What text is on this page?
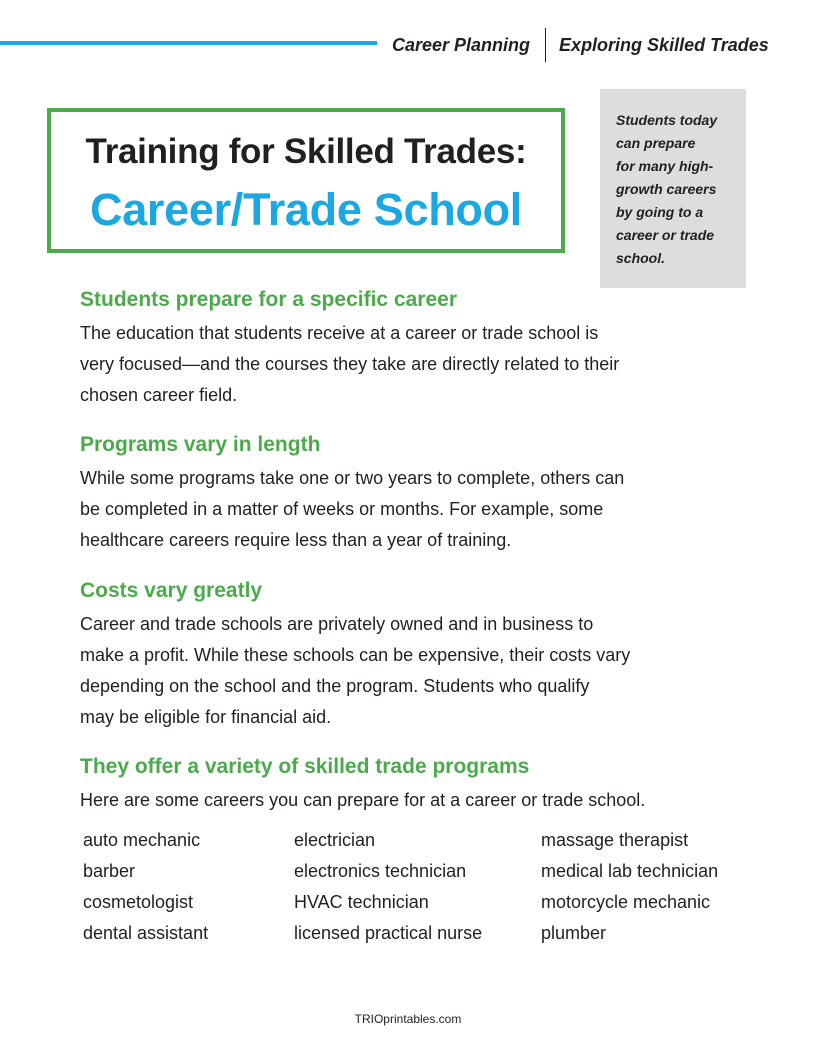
Career Planning Exploring Skilled Trades
Training for Skilled Trades:
Career/Trade School
Students today
can prepare
for many high-
growth careers
by going to a
career or trade
school.
Students prepare for a specific career

The education that students receive at a career or trade school is
very focused—and the courses they take are directly related to their
chosen career field.

Programs vary in length

While some programs take one or two years to complete, others can
be completed in a matter of weeks or months. For example, some
healthcare careers require less than a year of training.

Costs vary greatly

Career and trade schools are privately owned and in business to
make a profit. While these schools can be expensive, their costs vary
depending on the school and the program. Students who qualify
may be eligible for financial aid.

They offer a variety of skilled trade programs

Here are some careers you can prepare for at a career or trade school.

auto mechanic
barber
cosmetologist
dental assistant
electrician
electronics technician
HVAC technician
licensed practical nurse
massage therapist
medical lab technician
motorcycle mechanic
plumber
TRIOprintables.com
